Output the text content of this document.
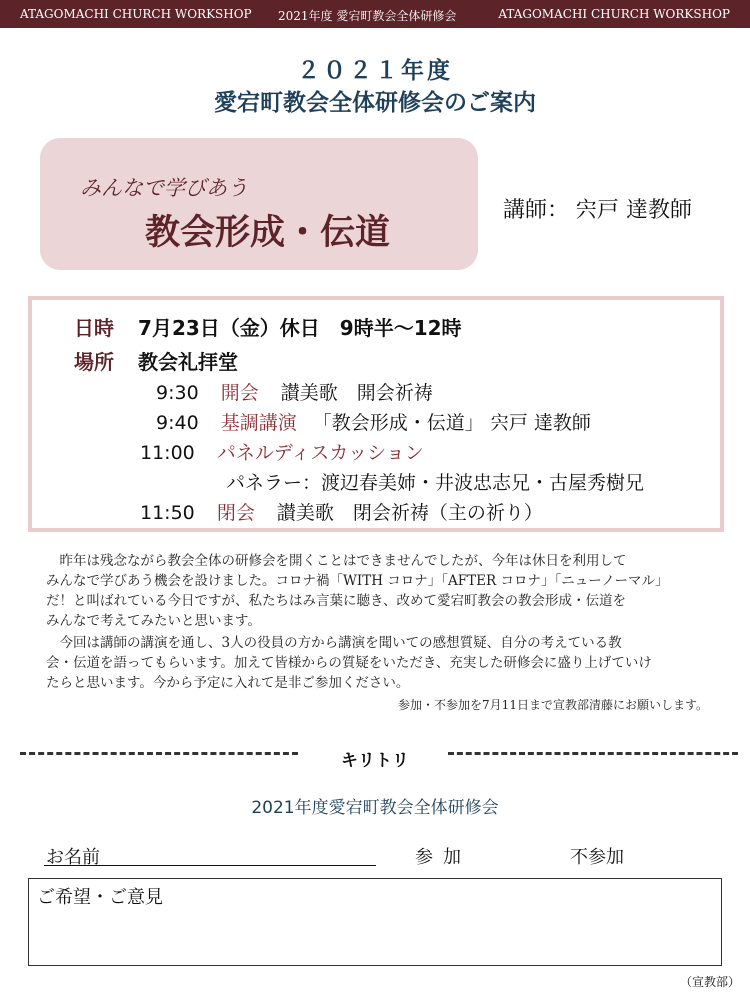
ATAGOMACHI CHURCH WORKSHOP 2021年度 愛宕町教会全体研修会	ATAGOMACHI CHURCH WORKSHOP
２０２１年度
愛宕町教会全体研修会のご案内
みんなで学びあう
教会形成・伝道
講師： 宍戸 達教師
日時 7月23日（金）休日　9時半～12時
場所 教会礼拝堂
9:30 開会 讃美歌　開会祈祷
9:40 基調講演 「教会形成・伝道」 宍戸 達教師
11:00 パネルディスカッション
パネラー：渡辺春美姉・井波忠志兄・古屋秀樹兄
11:50 閉会 讃美歌　閉会祈祷（主の祈り）
　昨年は残念ながら教会全体の研修会を開くことはできませんでしたが、今年は休日を利用して
みんなで学びあう機会を設けました。コロナ禍「WITH コロナ」「AFTER コロナ」「ニューノーマル」
だ！と叫ばれている今日ですが、私たちはみ言葉に聴き、改めて愛宕町教会の教会形成・伝道を
みんなで考えてみたいと思います。
　今回は講師の講演を通し、3人の役員の方から講演を聞いての感想質疑、自分の考えている教
会・伝道を語ってもらいます。加えて皆様からの質疑をいただき、充実した研修会に盛り上げていけ
たらと思います。今から予定に入れて是非ご参加ください。
参加・不参加を7月11日まで宣教部清藤にお願いします。
キリトリ
2021年度愛宕町教会全体研修会
お名前	参加	不参加
ご希望・ご意見
（宣教部）
